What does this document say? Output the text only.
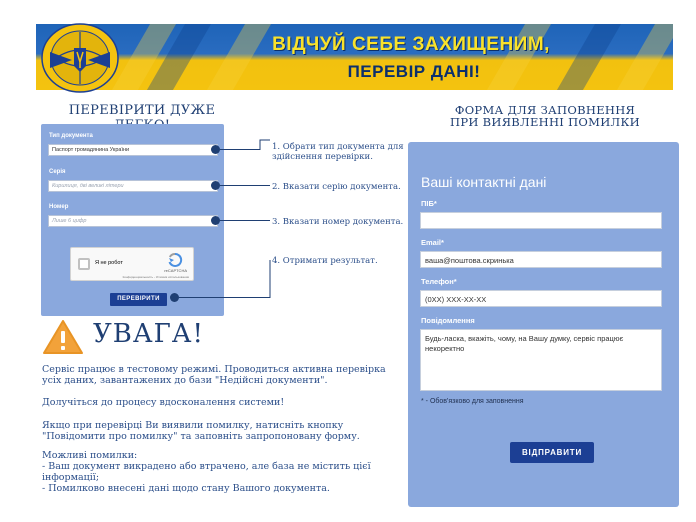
ВІДЧУЙ СЕБЕ ЗАХИЩЕНИМ,
ПЕРЕВІР ДАНІ!
ПЕРЕВІРИТИ ДУЖЕ
Тип документа
Паспорт громадянина України
Серія
Кирилиця, дві великі літери
Номер
Лише 6 цифр
Я не робот
reCAPTCHA
Конфиденциальность - Условия использования
ПЕРЕВІРИТИ
1. Обрати тип документа для
здійснення перевірки.
2. Вказати серію документа.
3. Вказати номер документа.
4. Отримати результат.
УВАГА!
Сервіс працює в тестовому режимі. Проводиться активна перевірка усіх даних, завантажених до бази "Недійсні документи".
Долучіться до процесу вдосконалення системи!
Якщо при перевірці Ви виявили помилку, натисніть кнопку "Повідомити про помилку" та заповніть запропоновану форму.
Можливі помилки:
- Ваш документ викрадено або втрачено, але база не містить цієї інформації;
- Помилково внесені дані щодо стану Вашого документа.
ФОРМА ДЛЯ ЗАПОВНЕННЯ
ПРИ ВИЯВЛЕННІ ПОМИЛКИ
Ваші контактні дані
ПІБ*
Email*
ваша@поштова.скринька
Телефон*
(0XX) XXX-XX-XX
Повідомлення
Будь-ласка, вкажіть, чому, на Вашу думку, сервіс працює некоректно
* - Обов'язково для заповнення
ВІДПРАВИТИ
